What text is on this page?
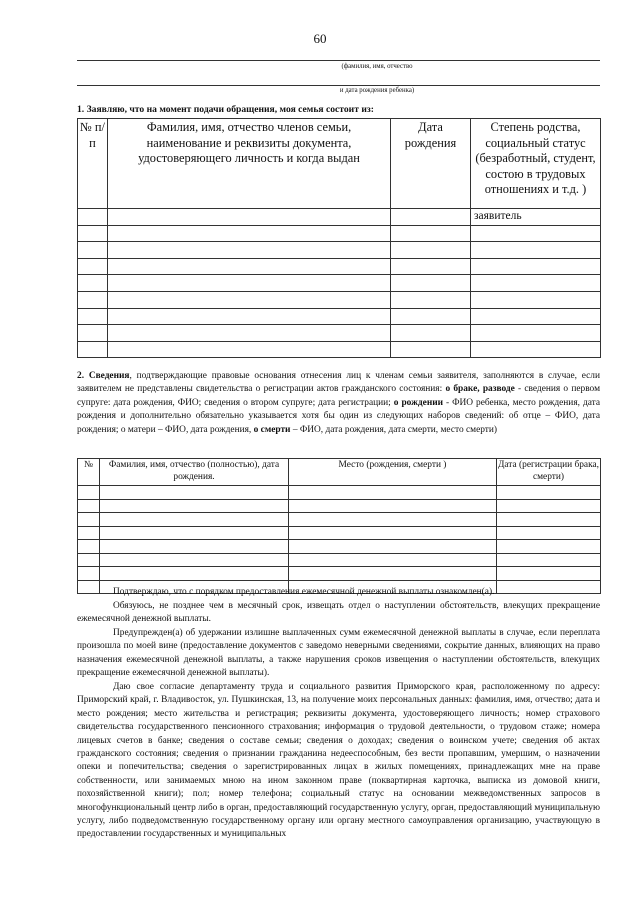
60
(фамилия, имя, отчество
и дата рождения ребенка)
1. Заявляю, что на момент подачи обращения, моя семья состоит из:
№ п/п	Фамилия, имя, отчество членов семьи, наименование и реквизиты документа, удостоверяющего личность и когда выдан	Дата рождения	Степень родства, социальный статус (безработный, студент, состою в трудовых отношениях и т.д. )
			заявитель

2. Сведения, подтверждающие правовые основания отнесения лиц к членам семьи заявителя, заполняются в случае, если заявителем не представлены свидетельства о регистрации актов гражданского состояния: о браке, разводе - сведения о первом супруге: дата рождения, ФИО; сведения о втором супруге; дата регистрации; о рождении - ФИО ребенка, место рождения, дата рождения и дополнительно обязательно указывается хотя бы один из следующих наборов сведений: об отце – ФИО, дата рождения; о матери – ФИО, дата рождения, о смерти – ФИО, дата рождения, дата смерти, место смерти)

№	Фамилия, имя, отчество (полностью), дата рождения.	Место (рождения, смерти )	Дата (регистрации брака, смерти)

Подтверждаю, что с порядком предоставления ежемесячной денежной выплаты ознакомлен(а).

Обязуюсь, не позднее чем в месячный срок, извещать отдел о наступлении обстоятельств, влекущих прекращение ежемесячной денежной выплаты.

Предупрежден(а) об удержании излишне выплаченных сумм ежемесячной денежной выплаты в случае, если переплата произошла по моей вине (предоставление документов с заведомо неверными сведениями, сокрытие данных, влияющих на право назначения ежемесячной денежной выплаты, а также нарушения сроков извещения о наступлении обстоятельств, влекущих прекращение ежемесячной денежной выплаты).

Даю свое согласие департаменту труда и социального развития Приморского края, расположенному по адресу: Приморский край, г. Владивосток, ул. Пушкинская, 13, на получение моих персональных данных: фамилия, имя, отчество; дата и место рождения; место жительства и регистрация; реквизиты документа, удостоверяющего личность; номер страхового свидетельства государственного пенсионного страхования; информация о трудовой деятельности, о трудовом стаже; номера лицевых счетов в банке; сведения о составе семьи; сведения о доходах; сведения о воинском учете; сведения об актах гражданского состояния; сведения о признании гражданина недееспособным, без вести пропавшим, умершим, о назначении опеки и попечительства; сведения о зарегистрированных лицах в жилых помещениях, принадлежащих мне на праве собственности, или занимаемых мною на ином законном праве (поквартирная карточка, выписка из домовой книги, похозяйственной книги); пол; номер телефона; социальный статус на основании межведомственных запросов в многофункциональный центр либо в орган, предоставляющий государственную услугу, орган, предоставляющий муниципальную услугу, либо подведомственную государственному органу или органу местного самоуправления организацию, участвующую в предоставлении государственных и муниципальных
